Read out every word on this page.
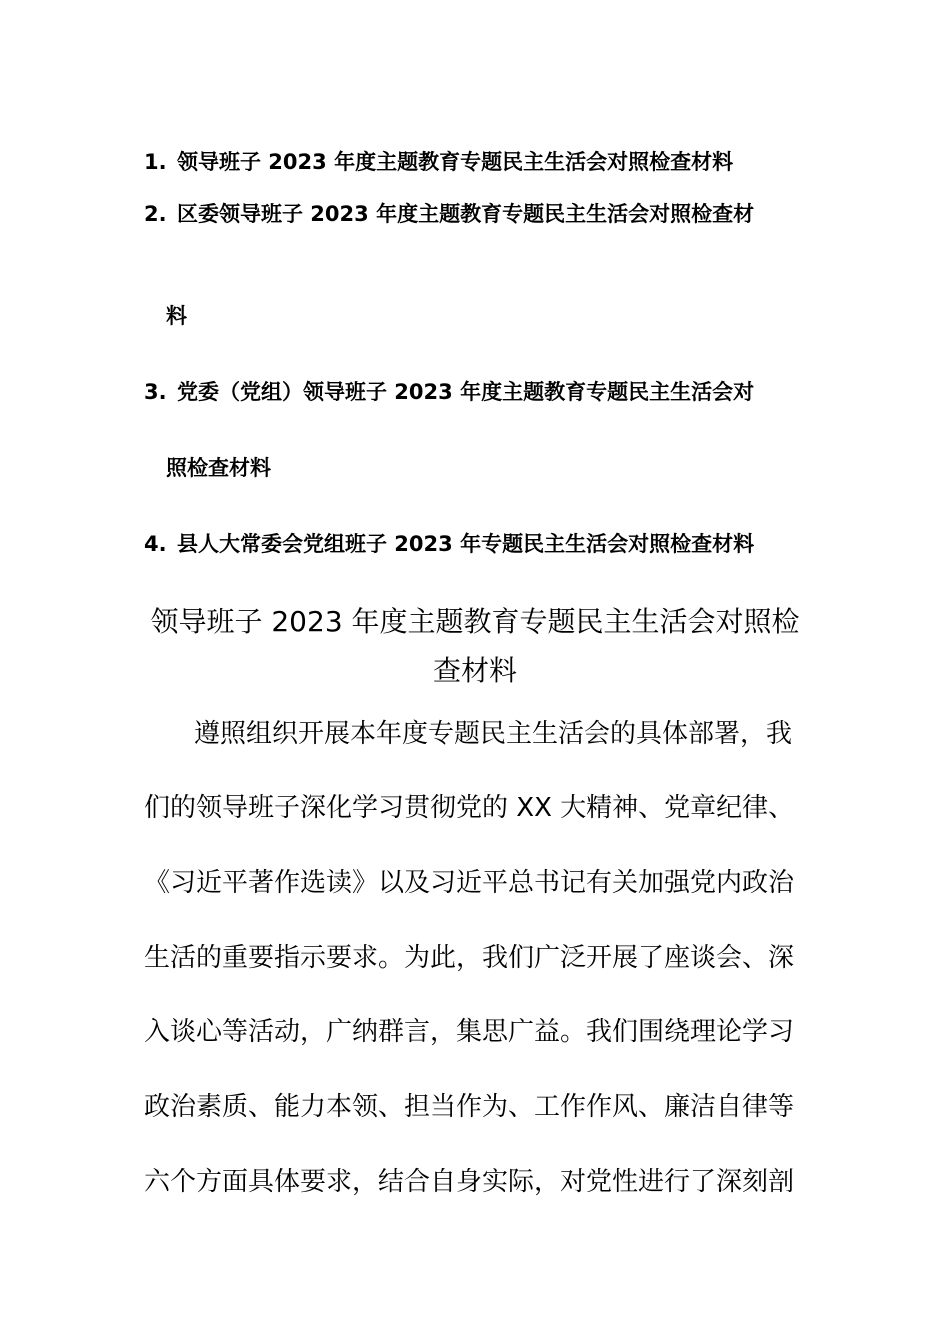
1. 领导班子 2023 年度主题教育专题民主生活会对照检查材料
2. 区委领导班子 2023 年度主题教育专题民主生活会对照检查材
料
3. 党委（党组）领导班子 2023 年度主题教育专题民主生活会对
照检查材料
4. 县人大常委会党组班子 2023 年专题民主生活会对照检查材料
领导班子 2023 年度主题教育专题民主生活会对照检
查材料
遵照组织开展本年度专题民主生活会的具体部署，我
们的领导班子深化学习贯彻党的 XX 大精神、党章纪律、
《习近平著作选读》以及习近平总书记有关加强党内政治
生活的重要指示要求。为此，我们广泛开展了座谈会、深
入谈心等活动，广纳群言，集思广益。我们围绕理论学习
政治素质、能力本领、担当作为、工作作风、廉洁自律等
六个方面具体要求，结合自身实际，对党性进行了深刻剖
